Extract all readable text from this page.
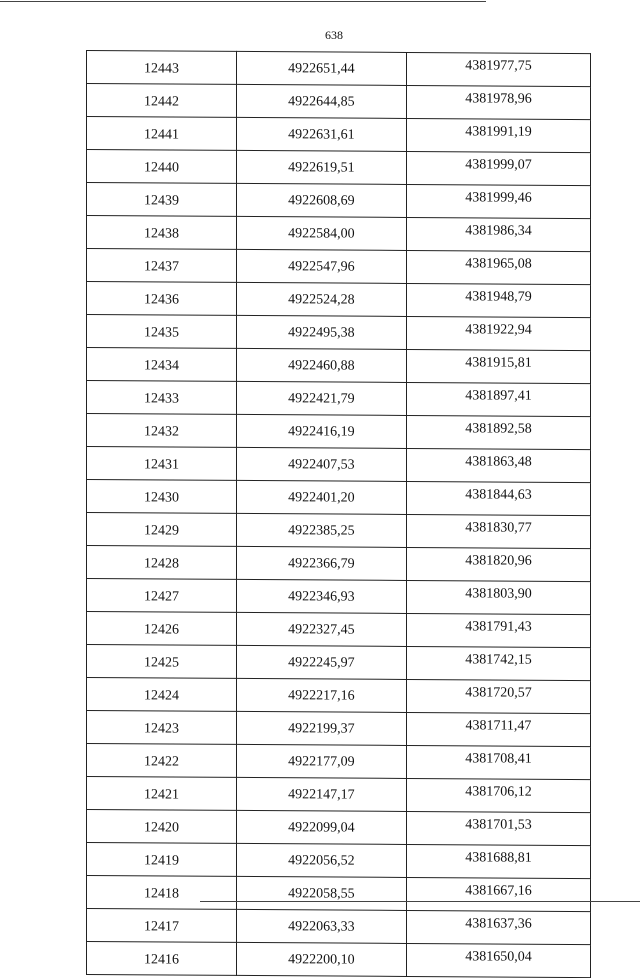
638
12443	4922651,44	4381977,75
12442	4922644,85	4381978,96
12441	4922631,61	4381991,19
12440	4922619,51	4381999,07
12439	4922608,69	4381999,46
12438	4922584,00	4381986,34
12437	4922547,96	4381965,08
12436	4922524,28	4381948,79
12435	4922495,38	4381922,94
12434	4922460,88	4381915,81
12433	4922421,79	4381897,41
12432	4922416,19	4381892,58
12431	4922407,53	4381863,48
12430	4922401,20	4381844,63
12429	4922385,25	4381830,77
12428	4922366,79	4381820,96
12427	4922346,93	4381803,90
12426	4922327,45	4381791,43
12425	4922245,97	4381742,15
12424	4922217,16	4381720,57
12423	4922199,37	4381711,47
12422	4922177,09	4381708,41
12421	4922147,17	4381706,12
12420	4922099,04	4381701,53
12419	4922056,52	4381688,81
12418	4922058,55	4381667,16
12417	4922063,33	4381637,36
12416	4922200,10	4381650,04
